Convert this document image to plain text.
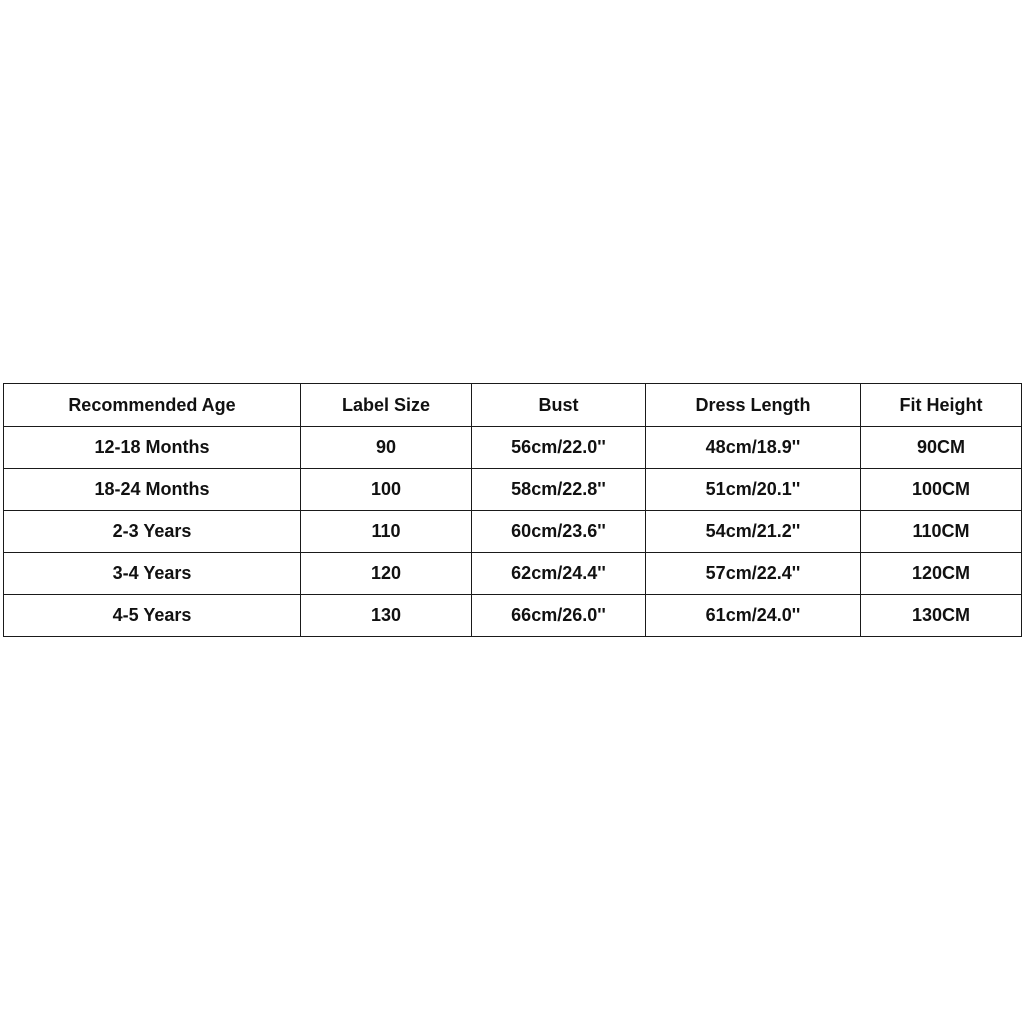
Recommended Age	Label Size	Bust	Dress Length	Fit Height
12-18 Months	90	56cm/22.0''	48cm/18.9''	90CM
18-24 Months	100	58cm/22.8''	51cm/20.1''	100CM
2-3 Years	110	60cm/23.6''	54cm/21.2''	110CM
3-4 Years	120	62cm/24.4''	57cm/22.4''	120CM
4-5 Years	130	66cm/26.0''	61cm/24.0''	130CM
